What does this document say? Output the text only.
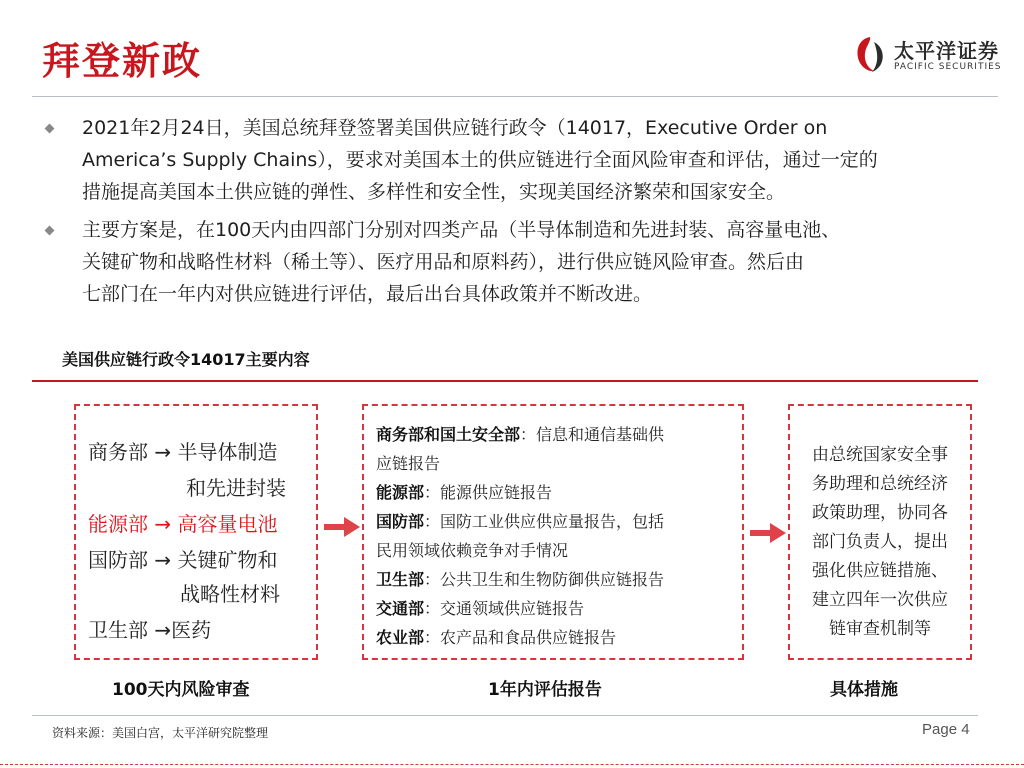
拜登新政	太平洋证券
PACIFIC SECURITIES
2021年2月24日，美国总统拜登签署美国供应链行政令（14017，Executive Order on
America’s Supply Chains），要求对美国本土的供应链进行全面风险审查和评估，通过一定的
措施提高美国本土供应链的弹性、多样性和安全性，实现美国经济繁荣和国家安全。
主要方案是，在100天内由四部门分别对四类产品（半导体制造和先进封装、高容量电池、
关键矿物和战略性材料（稀土等）、医疗用品和原料药），进行供应链风险审查。然后由
七部门在一年内对供应链进行评估，最后出台具体政策并不断改进。
美国供应链行政令14017主要内容
商务部 → 半导体制造
和先进封装
能源部 → 高容量电池
国防部 → 关键矿物和
战略性材料
卫生部 →医药
商务部和国土安全部：信息和通信基础供
应链报告
能源部：能源供应链报告
国防部：国防工业供应供应量报告，包括
民用领域依赖竞争对手情况
卫生部：公共卫生和生物防御供应链报告
交通部：交通领域供应链报告
农业部：农产品和食品供应链报告
由总统国家安全事
务助理和总统经济
政策助理，协同各
部门负责人，提出
强化供应链措施、
建立四年一次供应
链审查机制等
100天内风险审查	1年内评估报告	具体措施
资料来源：美国白宫，太平洋研究院整理	Page 4
